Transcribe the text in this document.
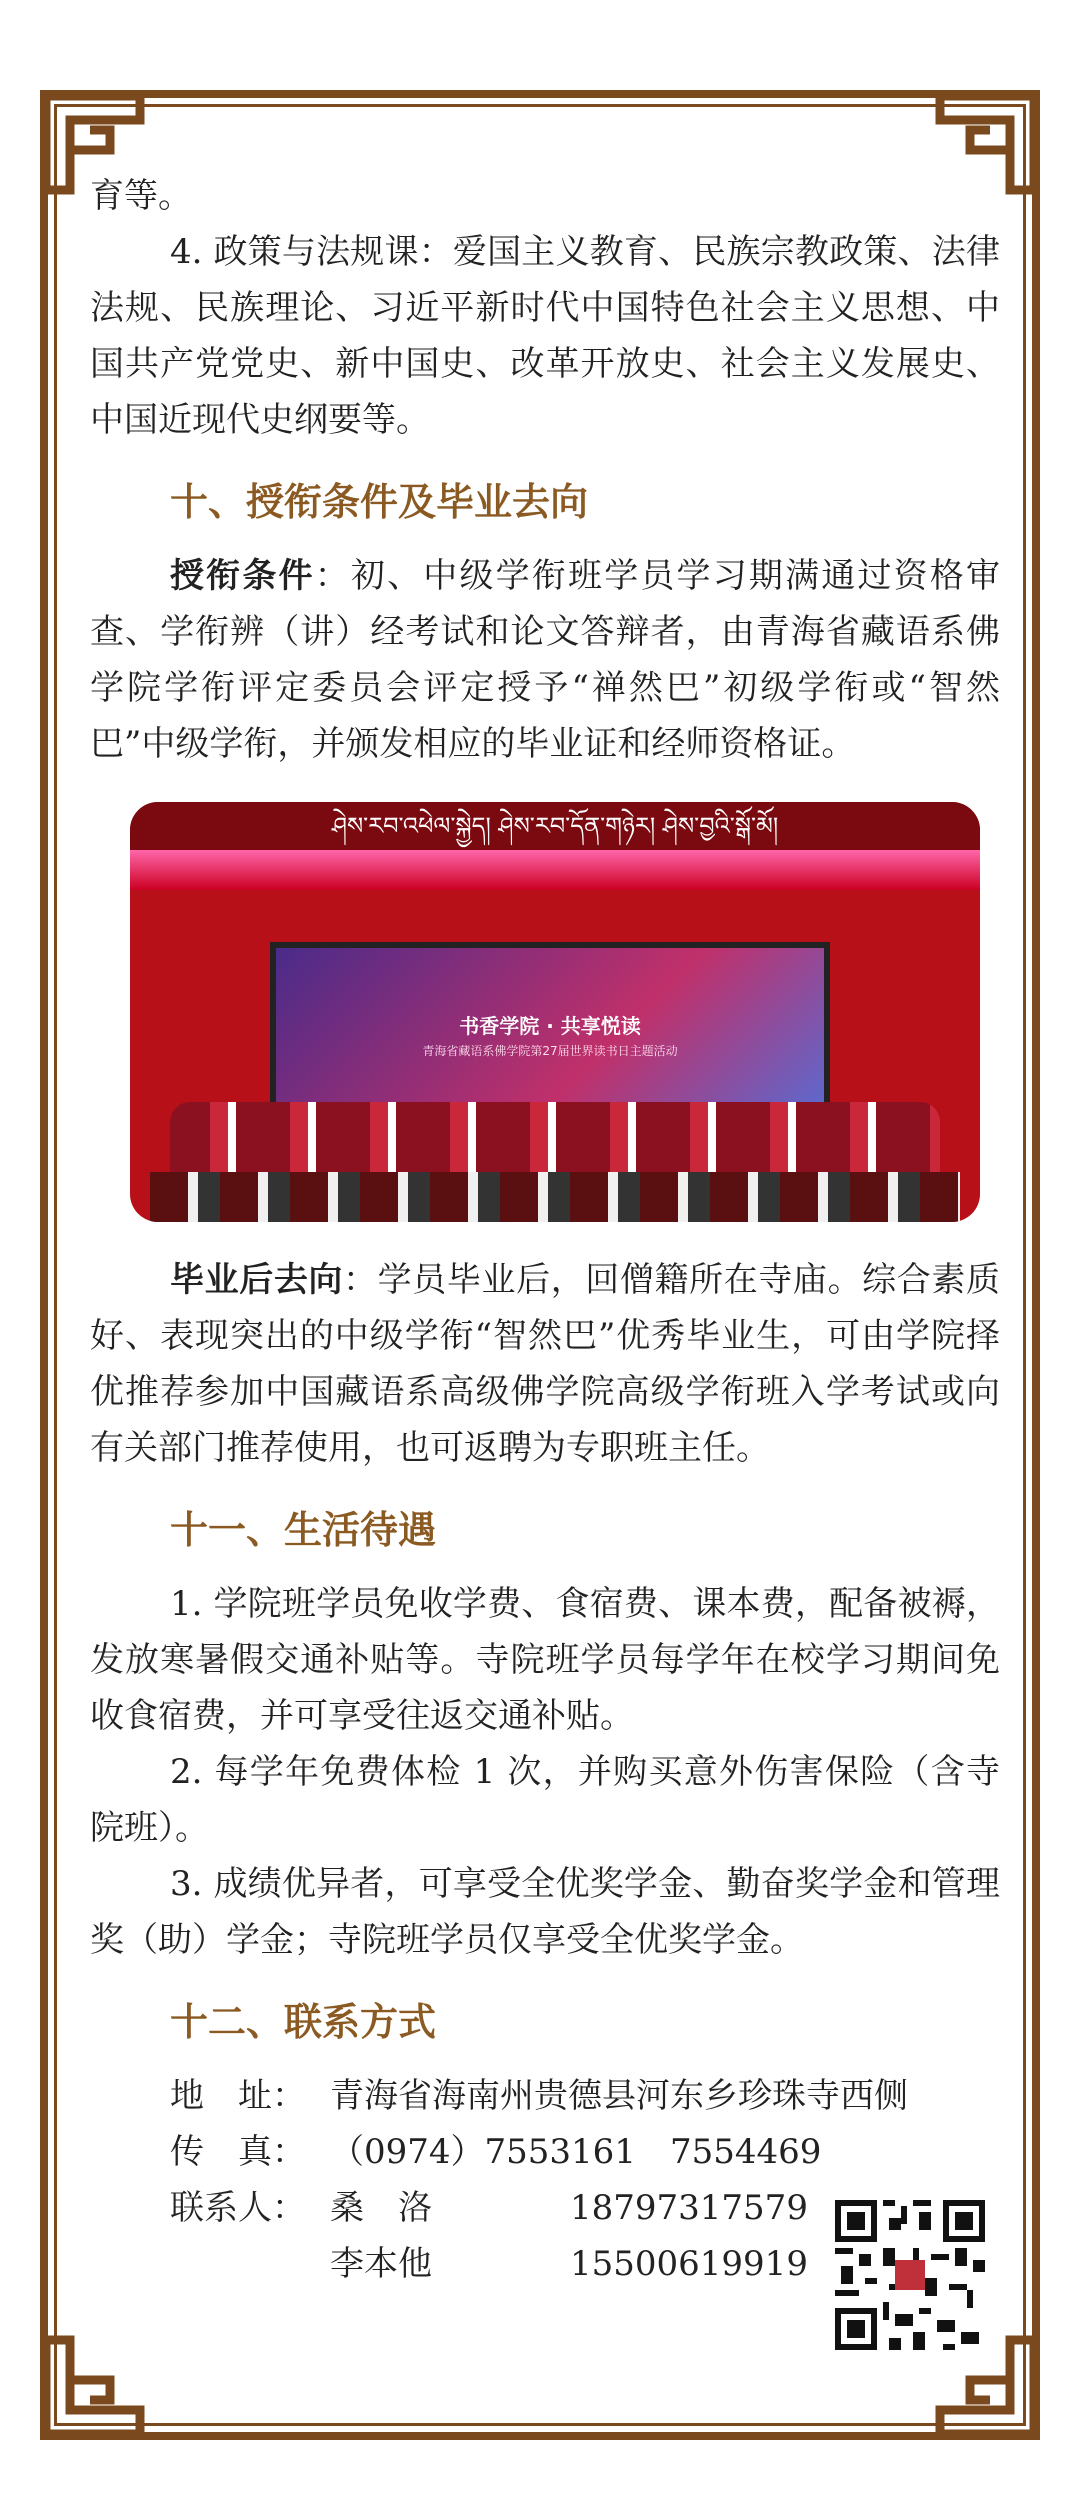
育等。

4. 政策与法规课：爱国主义教育、民族宗教政策、法律法规、民族理论、习近平新时代中国特色社会主义思想、中国共产党党史、新中国史、改革开放史、社会主义发展史、中国近现代史纲要等。

十、授衔条件及毕业去向

授衔条件：初、中级学衔班学员学习期满通过资格审查、学衔辨（讲）经考试和论文答辩者，由青海省藏语系佛学院学衔评定委员会评定授予“禅然巴”初级学衔或“智然巴”中级学衔，并颁发相应的毕业证和经师资格证。

ཤེས་རབ་འཕེལ་སྐྱེད། ཤེས་རབ་དོན་གཉེར། ཤེས་བྱའི་སྒོ་མོ།
书香学院 · 共享悦读
青海省藏语系佛学院第27届世界读书日主题活动

毕业后去向：学员毕业后，回僧籍所在寺庙。综合素质好、表现突出的中级学衔“智然巴”优秀毕业生，可由学院择优推荐参加中国藏语系高级佛学院高级学衔班入学考试或向有关部门推荐使用，也可返聘为专职班主任。

十一、生活待遇

1. 学院班学员免收学费、食宿费、课本费，配备被褥，发放寒暑假交通补贴等。寺院班学员每学年在校学习期间免收食宿费，并可享受往返交通补贴。

2. 每学年免费体检 1 次，并购买意外伤害保险（含寺院班）。

3. 成绩优异者，可享受全优奖学金、勤奋奖学金和管理奖（助）学金；寺院班学员仅享受全优奖学金。

十二、联系方式
地　址： 青海省海南州贵德县河东乡珍珠寺西侧
传　真： （0974）7553161　7554469
联系人： 桑　洛	18797317579
李本他	15500619919
